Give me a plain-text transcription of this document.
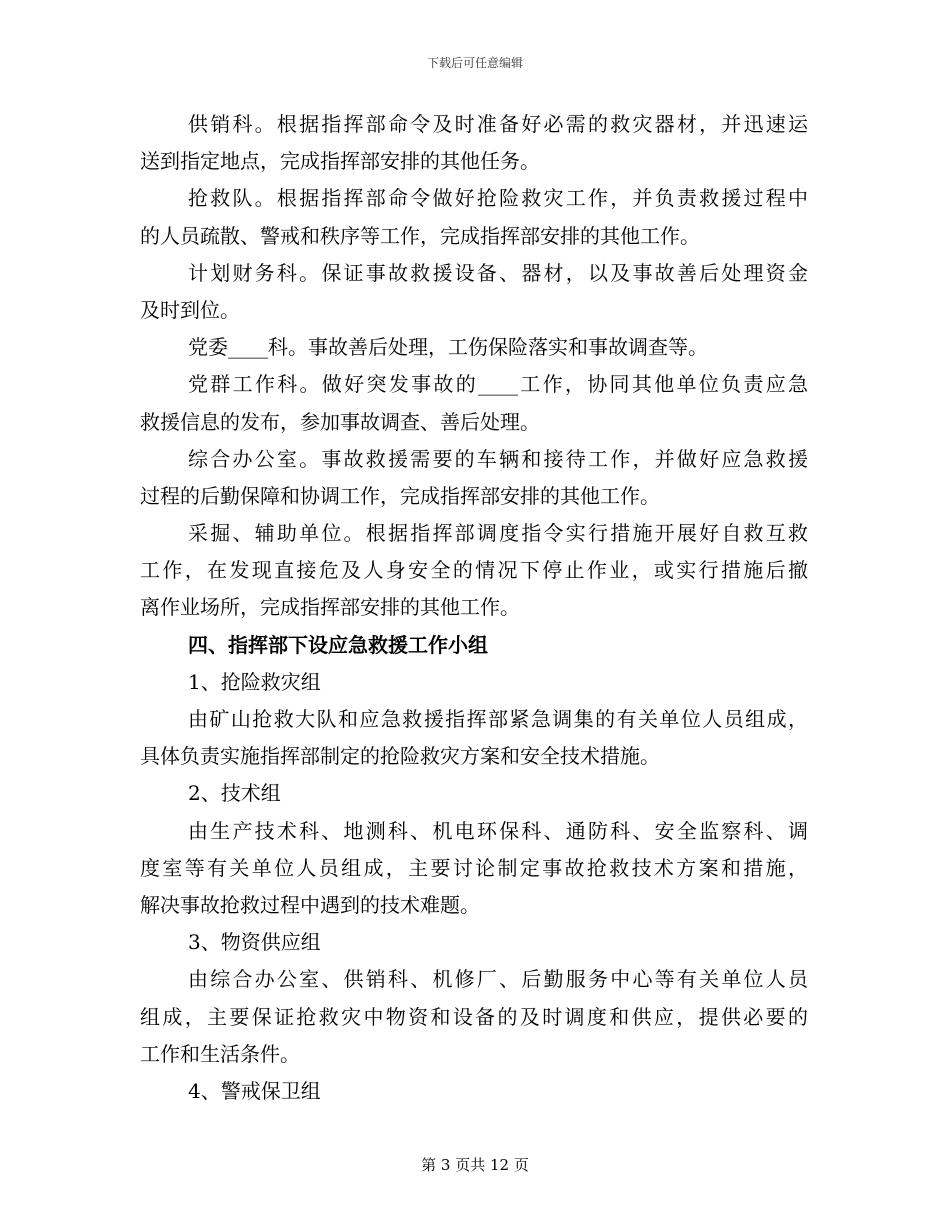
下载后可任意编辑
供销科。根据指挥部命令及时准备好必需的救灾器材，并迅速运
送到指定地点，完成指挥部安排的其他任务。
抢救队。根据指挥部命令做好抢险救灾工作，并负责救援过程中
的人员疏散、警戒和秩序等工作，完成指挥部安排的其他工作。
计划财务科。保证事故救援设备、器材，以及事故善后处理资金
及时到位。
党委____科。事故善后处理，工伤保险落实和事故调查等。
党群工作科。做好突发事故的____工作，协同其他单位负责应急
救援信息的发布，参加事故调查、善后处理。
综合办公室。事故救援需要的车辆和接待工作，并做好应急救援
过程的后勤保障和协调工作，完成指挥部安排的其他工作。
采掘、辅助单位。根据指挥部调度指令实行措施开展好自救互救
工作，在发现直接危及人身安全的情况下停止作业，或实行措施后撤
离作业场所，完成指挥部安排的其他工作。
四、指挥部下设应急救援工作小组
1、抢险救灾组
由矿山抢救大队和应急救援指挥部紧急调集的有关单位人员组成，
具体负责实施指挥部制定的抢险救灾方案和安全技术措施。
2、技术组
由生产技术科、地测科、机电环保科、通防科、安全监察科、调
度室等有关单位人员组成，主要讨论制定事故抢救技术方案和措施，
解决事故抢救过程中遇到的技术难题。
3、物资供应组
由综合办公室、供销科、机修厂、后勤服务中心等有关单位人员
组成，主要保证抢救灾中物资和设备的及时调度和供应，提供必要的
工作和生活条件。
4、警戒保卫组
第 3 页共 12 页
